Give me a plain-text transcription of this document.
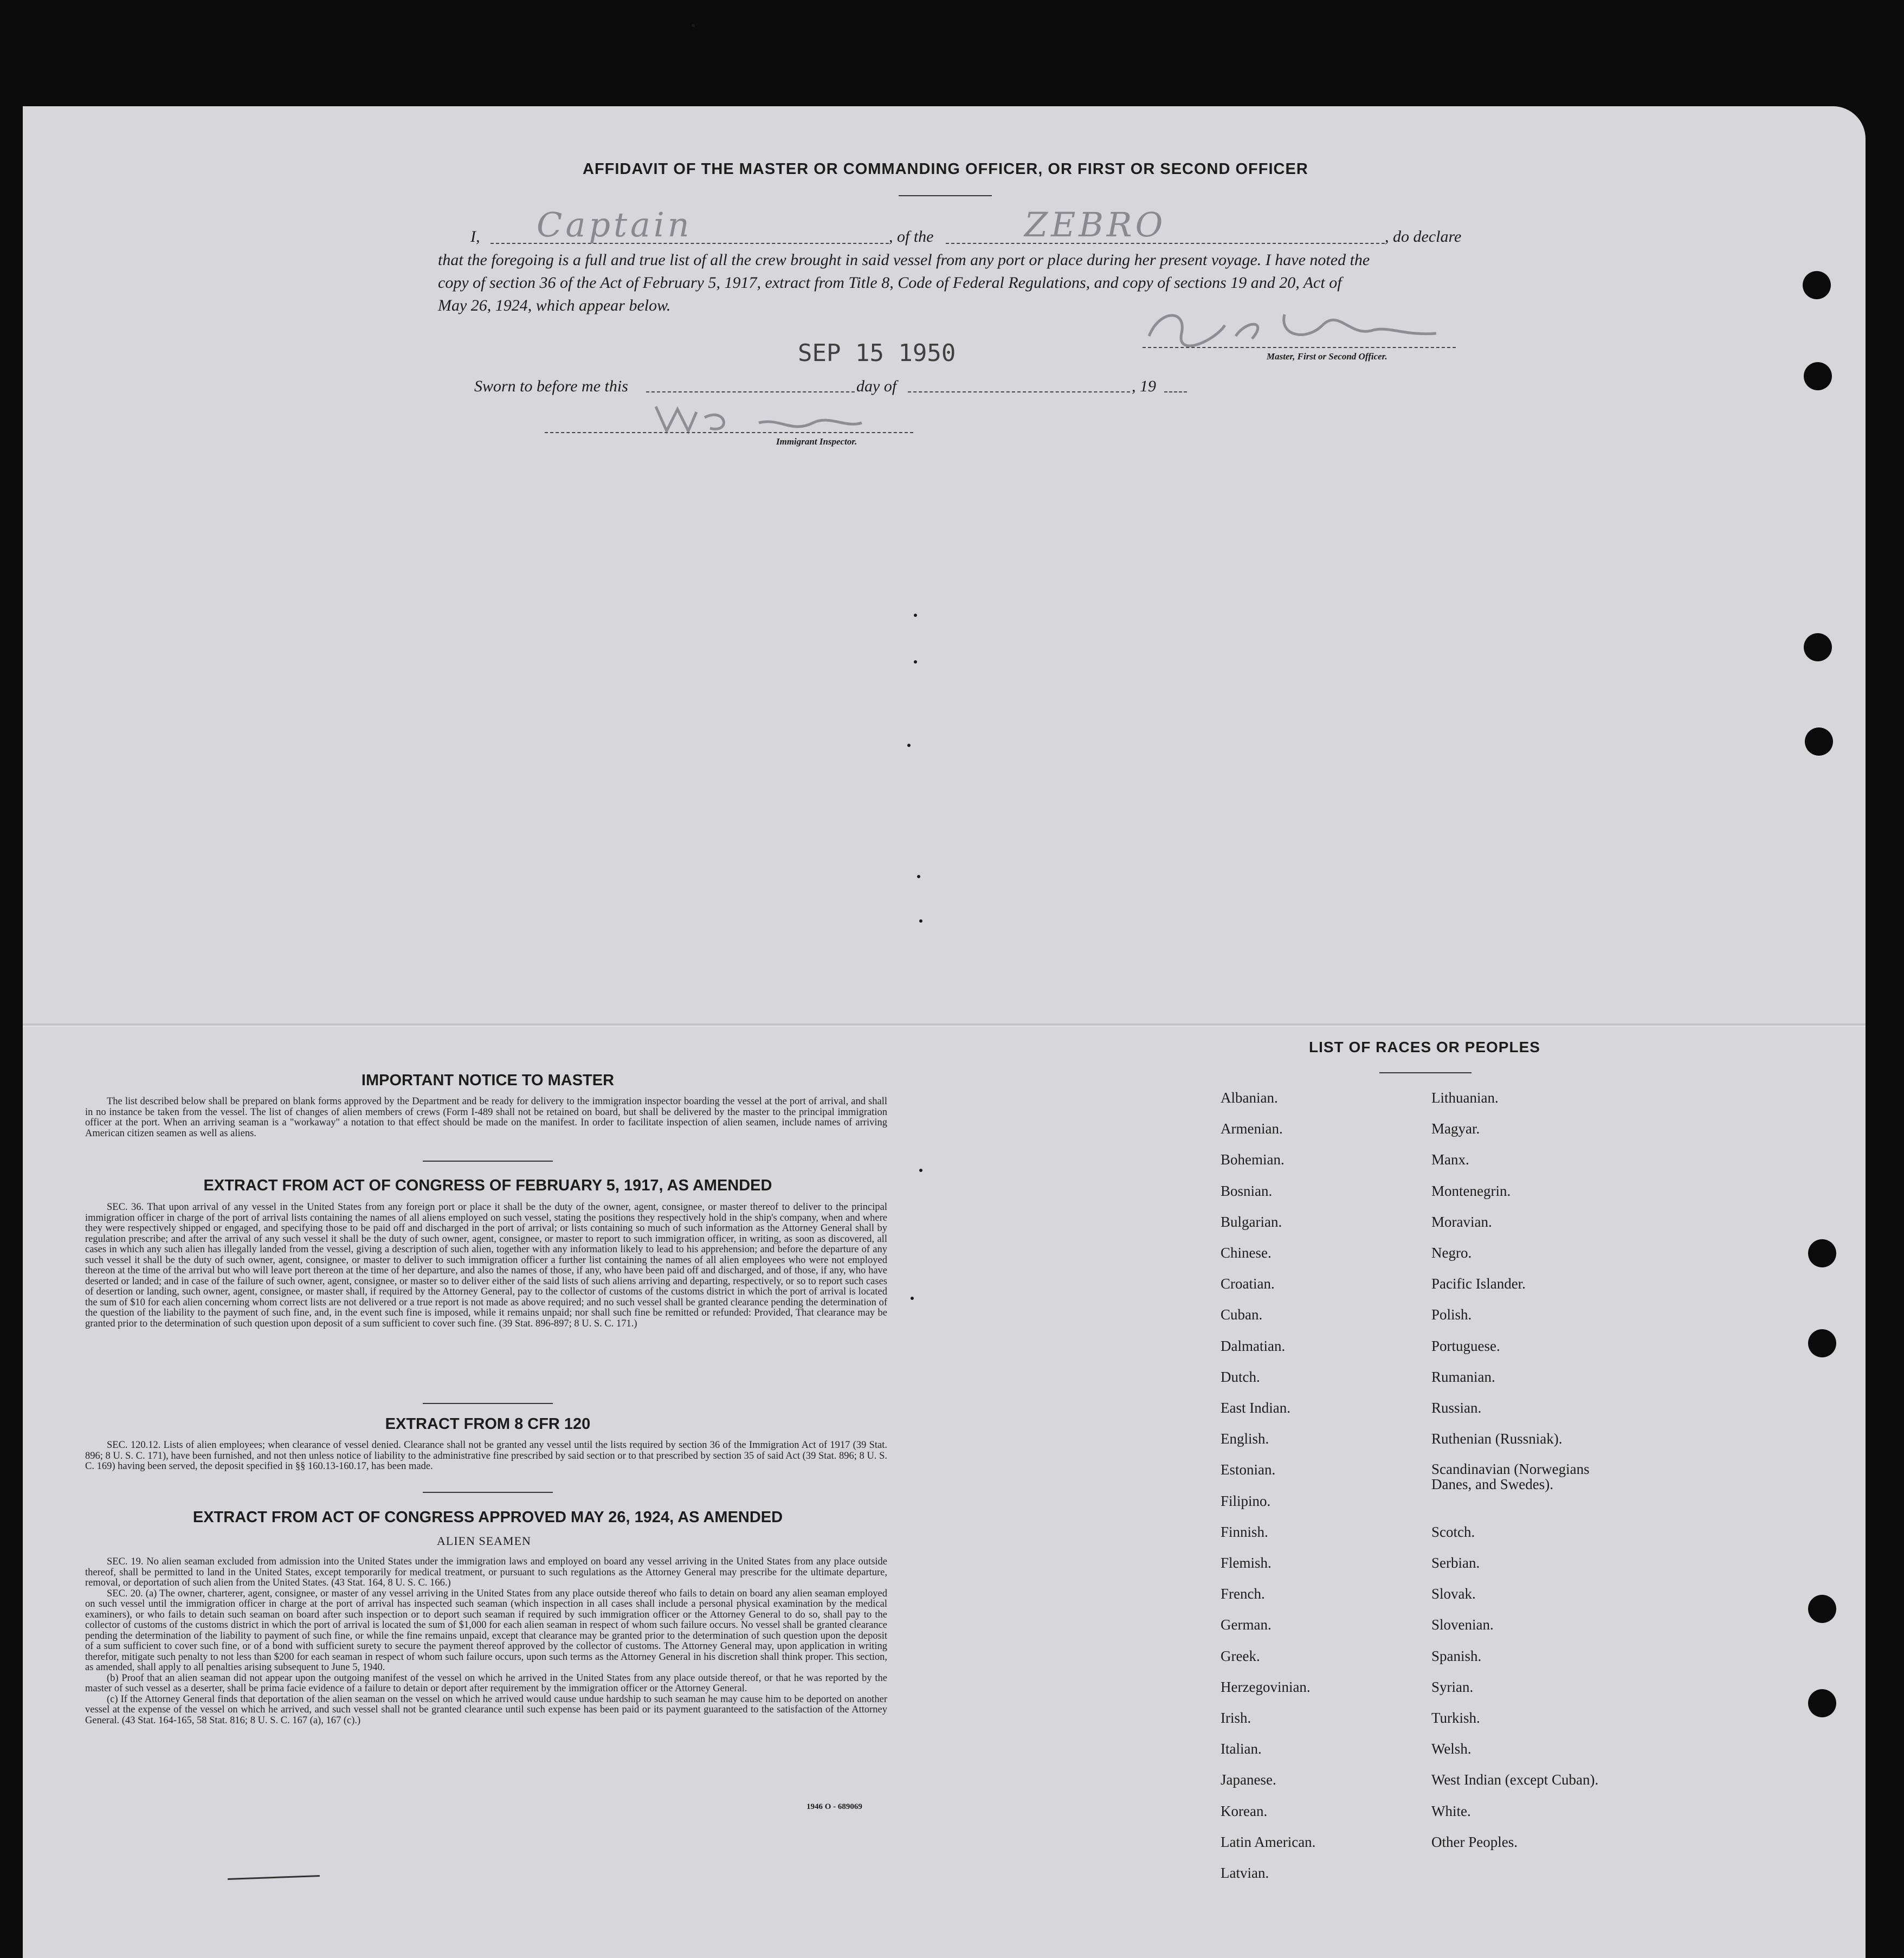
AFFIDAVIT OF THE MASTER OR COMMANDING OFFICER, OR FIRST OR SECOND OFFICER
I, Captain	, of the	ZEBRO	, do declare
that the foregoing is a full and true list of all the crew brought in said vessel from any port or place during her present voyage. I have noted the
copy of section 36 of the Act of February 5, 1917, extract from Title 8, Code of Federal Regulations, and copy of sections 19 and 20, Act of
May 26, 1924, which appear below.
SEP 15 1950	Master, First or Second Officer.
Sworn to before me this	day of	, 19
Immigrant Inspector.
IMPORTANT NOTICE TO MASTER

The list described below shall be prepared on blank forms approved by the Department and be ready for delivery to the immigration inspector boarding the vessel at the port of arrival, and shall in no instance be taken from the vessel. The list of changes of alien members of crews (Form I-489 shall not be retained on board, but shall be delivered by the master to the principal immigration officer at the port. When an arriving seaman is a "workaway" a notation to that effect should be made on the manifest. In order to facilitate inspection of alien seamen, include names of arriving American citizen seamen as well as aliens.

EXTRACT FROM ACT OF CONGRESS OF FEBRUARY 5, 1917, AS AMENDED

SEC. 36. That upon arrival of any vessel in the United States from any foreign port or place it shall be the duty of the owner, agent, consignee, or master thereof to deliver to the principal immigration officer in charge of the port of arrival lists containing the names of all aliens employed on such vessel, stating the positions they respectively hold in the ship's company, when and where they were respectively shipped or engaged, and specifying those to be paid off and discharged in the port of arrival; or lists containing so much of such information as the Attorney General shall by regulation prescribe; and after the arrival of any such vessel it shall be the duty of such owner, agent, consignee, or master to report to such immigration officer, in writing, as soon as discovered, all cases in which any such alien has illegally landed from the vessel, giving a description of such alien, together with any information likely to lead to his apprehension; and before the departure of any such vessel it shall be the duty of such owner, agent, consignee, or master to deliver to such immigration officer a further list containing the names of all alien employees who were not employed thereon at the time of the arrival but who will leave port thereon at the time of her departure, and also the names of those, if any, who have been paid off and discharged, and of those, if any, who have deserted or landed; and in case of the failure of such owner, agent, consignee, or master so to deliver either of the said lists of such aliens arriving and departing, respectively, or so to report such cases of desertion or landing, such owner, agent, consignee, or master shall, if required by the Attorney General, pay to the collector of customs of the customs district in which the port of arrival is located the sum of $10 for each alien concerning whom correct lists are not delivered or a true report is not made as above required; and no such vessel shall be granted clearance pending the determination of the question of the liability to the payment of such fine, and, in the event such fine is imposed, while it remains unpaid; nor shall such fine be remitted or refunded: Provided, That clearance may be granted prior to the determination of such question upon deposit of a sum sufficient to cover such fine. (39 Stat. 896-897; 8 U. S. C. 171.)

EXTRACT FROM 8 CFR 120

SEC. 120.12. Lists of alien employees; when clearance of vessel denied. Clearance shall not be granted any vessel until the lists required by section 36 of the Immigration Act of 1917 (39 Stat. 896; 8 U. S. C. 171), have been furnished, and not then unless notice of liability to the administrative fine prescribed by said section or to that prescribed by section 35 of said Act (39 Stat. 896; 8 U. S. C. 169) having been served, the deposit specified in §§ 160.13-160.17, has been made.

EXTRACT FROM ACT OF CONGRESS APPROVED MAY 26, 1924, AS AMENDED
ALIEN SEAMEN

SEC. 19. No alien seaman excluded from admission into the United States under the immigration laws and employed on board any vessel arriving in the United States from any place outside thereof, shall be permitted to land in the United States, except temporarily for medical treatment, or pursuant to such regulations as the Attorney General may prescribe for the ultimate departure, removal, or deportation of such alien from the United States. (43 Stat. 164, 8 U. S. C. 166.)

SEC. 20. (a) The owner, charterer, agent, consignee, or master of any vessel arriving in the United States from any place outside thereof who fails to detain on board any alien seaman employed on such vessel until the immigration officer in charge at the port of arrival has inspected such seaman (which inspection in all cases shall include a personal physical examination by the medical examiners), or who fails to detain such seaman on board after such inspection or to deport such seaman if required by such immigration officer or the Attorney General to do so, shall pay to the collector of customs of the customs district in which the port of arrival is located the sum of $1,000 for each alien seaman in respect of whom such failure occurs. No vessel shall be granted clearance pending the determination of the liability to payment of such fine, or while the fine remains unpaid, except that clearance may be granted prior to the determination of such question upon the deposit of a sum sufficient to cover such fine, or of a bond with sufficient surety to secure the payment thereof approved by the collector of customs. The Attorney General may, upon application in writing therefor, mitigate such penalty to not less than $200 for each seaman in respect of whom such failure occurs, upon such terms as the Attorney General in his discretion shall think proper. This section, as amended, shall apply to all penalties arising subsequent to June 5, 1940.

(b) Proof that an alien seaman did not appear upon the outgoing manifest of the vessel on which he arrived in the United States from any place outside thereof, or that he was reported by the master of such vessel as a deserter, shall be prima facie evidence of a failure to detain or deport after requirement by the immigration officer or the Attorney General.

(c) If the Attorney General finds that deportation of the alien seaman on the vessel on which he arrived would cause undue hardship to such seaman he may cause him to be deported on another vessel at the expense of the vessel on which he arrived, and such vessel shall not be granted clearance until such expense has been paid or its payment guaranteed to the satisfaction of the Attorney General. (43 Stat. 164-165, 58 Stat. 816; 8 U. S. C. 167 (a), 167 (c).)

1946 O - 689069
LIST OF RACES OR PEOPLES
Albanian.
Armenian.
Bohemian.
Bosnian.
Bulgarian.
Chinese.
Croatian.
Cuban.
Dalmatian.
Dutch.
East Indian.
English.
Estonian.
Filipino.
Finnish.
Flemish.
French.
German.
Greek.
Herzegovinian.
Irish.
Italian.
Japanese.
Korean.
Latin American.
Latvian.
Lithuanian.
Magyar.
Manx.
Montenegrin.
Moravian.
Negro.
Pacific Islander.
Polish.
Portuguese.
Rumanian.
Russian.
Ruthenian (Russniak).
Scandinavian (Norwegians Danes, and Swedes).
Scotch.
Serbian.
Slovak.
Slovenian.
Spanish.
Syrian.
Turkish.
Welsh.
West Indian (except Cuban).
White.
Other Peoples.
